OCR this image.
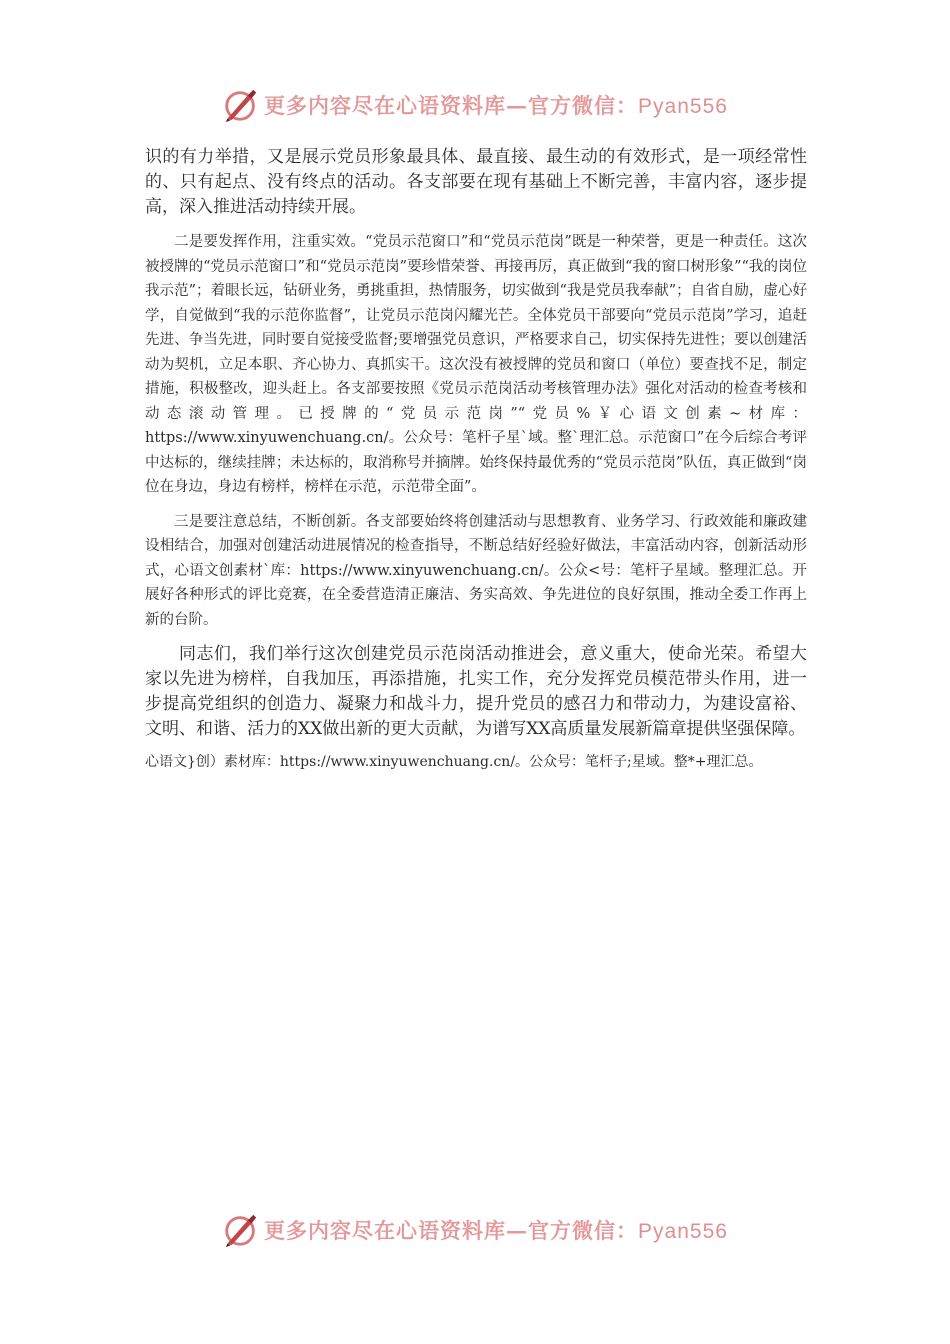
更多内容尽在心语资料库—官方微信：Pyan556

识的有力举措，又是展示党员形象最具体、最直接、最生动的有效形式，是一项经常性的、只有起点、没有终点的活动。各支部要在现有基础上不断完善，丰富内容，逐步提高，深入推进活动持续开展。

二是要发挥作用，注重实效。“党员示范窗口”和“党员示范岗”既是一种荣誉，更是一种责任。这次被授牌的“党员示范窗口”和“党员示范岗”要珍惜荣誉、再接再厉，真正做到“我的窗口树形象”“我的岗位我示范”；着眼长远，钻研业务，勇挑重担，热情服务，切实做到“我是党员我奉献”；自省自励，虚心好学，自觉做到“我的示范你监督”，让党员示范岗闪耀光芒。全体党员干部要向“党员示范岗”学习，追赶先进、争当先进，同时要自觉接受监督;要增强党员意识，严格要求自己，切实保持先进性；要以创建活动为契机，立足本职、齐心协力、真抓实干。这次没有被授牌的党员和窗口（单位）要查找不足，制定措施，积极整改，迎头赶上。各支部要按照《党员示范岗活动考核管理办法》强化对活动的检查考核和动态滚动管理。已授牌的“党员示范岗”“党员%￥心语文创素~材库：https://www.xinyuwenchuang.cn/。公众号：笔杆子星`域。整`理汇总。示范窗口”在今后综合考评中达标的，继续挂牌；未达标的，取消称号并摘牌。始终保持最优秀的“党员示范岗”队伍，真正做到“岗位在身边，身边有榜样，榜样在示范，示范带全面”。

三是要注意总结，不断创新。各支部要始终将创建活动与思想教育、业务学习、行政效能和廉政建设相结合，加强对创建活动进展情况的检查指导，不断总结好经验好做法，丰富活动内容，创新活动形式，心语文创素材`库：https://www.xinyuwenchuang.cn/。公众<号：笔杆子星域。整理汇总。开展好各种形式的评比竞赛，在全委营造清正廉洁、务实高效、争先进位的良好氛围，推动全委工作再上新的台阶。

同志们，我们举行这次创建党员示范岗活动推进会，意义重大，使命光荣。希望大家以先进为榜样，自我加压，再添措施，扎实工作，充分发挥党员模范带头作用，进一步提高党组织的创造力、凝聚力和战斗力，提升党员的感召力和带动力，为建设富裕、文明、和谐、活力的XX做出新的更大贡献，为谱写XX高质量发展新篇章提供坚强保障。

心语文}创）素材库：https://www.xinyuwenchuang.cn/。公众号：笔杆子;星域。整*+理汇总。

更多内容尽在心语资料库—官方微信：Pyan556
